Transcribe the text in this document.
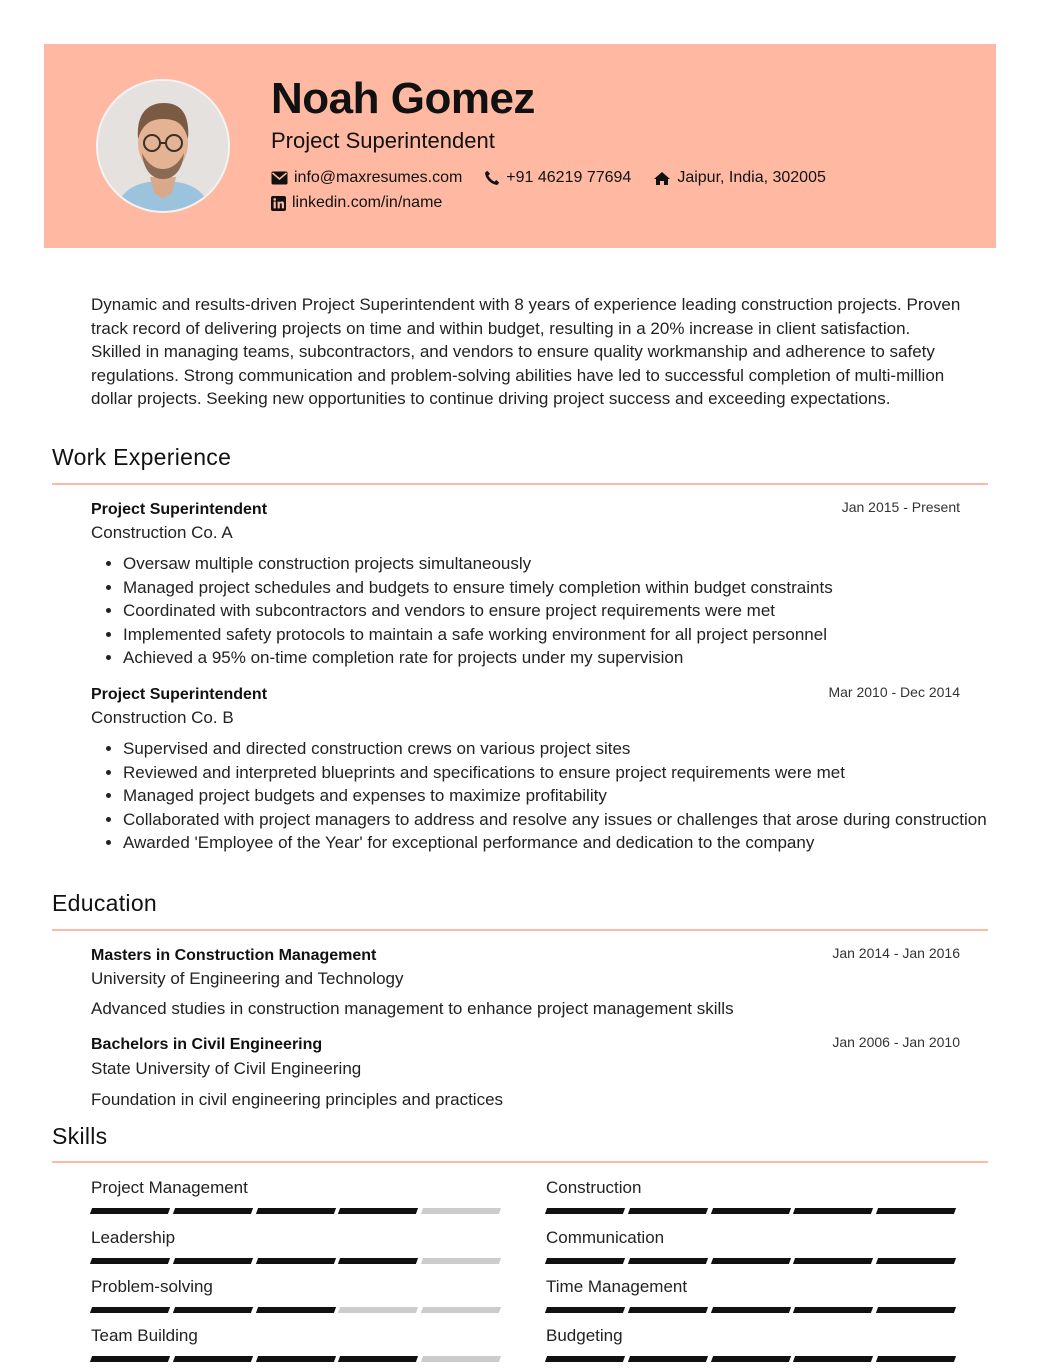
Noah Gomez
Project Superintendent
info@maxresumes.com	+91 46219 77694	Jaipur, India, 302005
linkedin.com/in/name

Dynamic and results-driven Project Superintendent with 8 years of experience leading construction projects. Proven track record of delivering projects on time and within budget, resulting in a 20% increase in client satisfaction. Skilled in managing teams, subcontractors, and vendors to ensure quality workmanship and adherence to safety regulations. Strong communication and problem-solving abilities have led to successful completion of multi-million dollar projects. Seeking new opportunities to continue driving project success and exceeding expectations.

Work Experience
Project Superintendent	Jan 2015 - Present
Construction Co. A
• Oversaw multiple construction projects simultaneously
• Managed project schedules and budgets to ensure timely completion within budget constraints
• Coordinated with subcontractors and vendors to ensure project requirements were met
• Implemented safety protocols to maintain a safe working environment for all project personnel
• Achieved a 95% on-time completion rate for projects under my supervision
Project Superintendent	Mar 2010 - Dec 2014
Construction Co. B
• Supervised and directed construction crews on various project sites
• Reviewed and interpreted blueprints and specifications to ensure project requirements were met
• Managed project budgets and expenses to maximize profitability
• Collaborated with project managers to address and resolve any issues or challenges that arose during construction
• Awarded 'Employee of the Year' for exceptional performance and dedication to the company
Education
Masters in Construction Management	Jan 2014 - Jan 2016
University of Engineering and Technology
Advanced studies in construction management to enhance project management skills
Bachelors in Civil Engineering	Jan 2006 - Jan 2010
State University of Civil Engineering
Foundation in civil engineering principles and practices
Skills
Project Management	Construction
Leadership	Communication
Problem-solving	Time Management
Team Building	Budgeting
